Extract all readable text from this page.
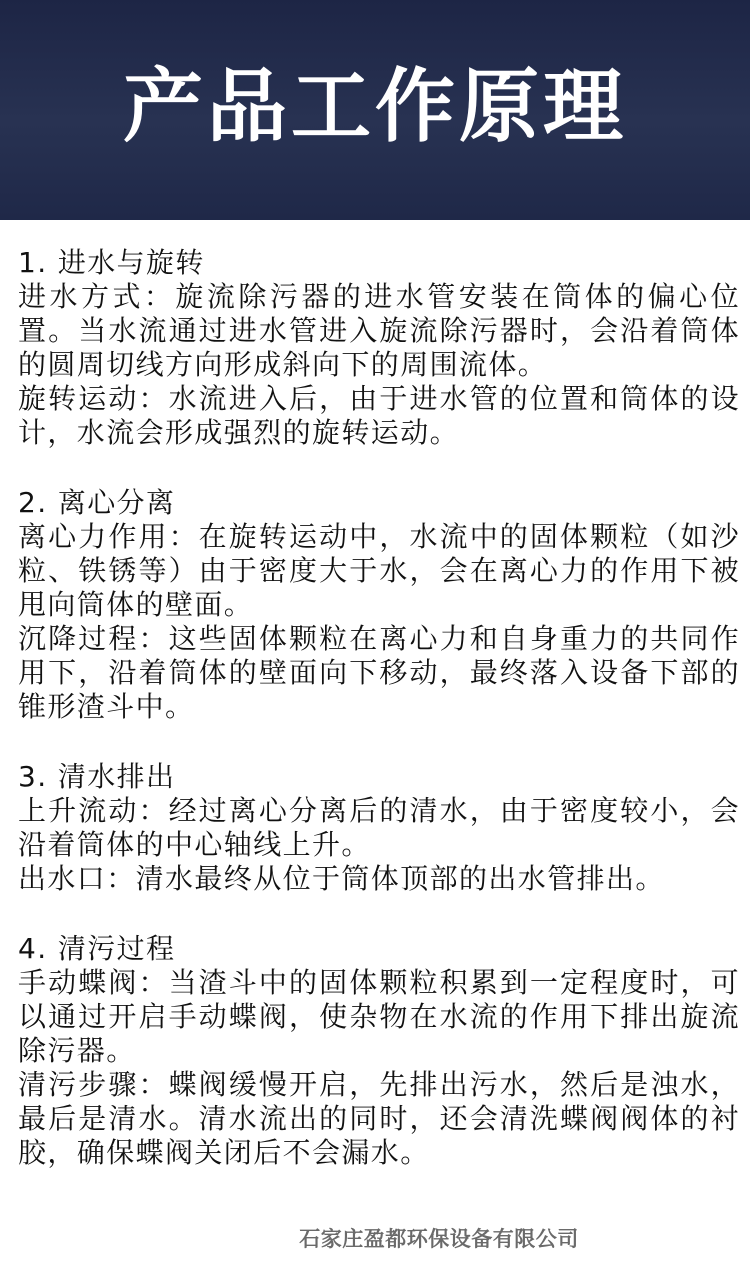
产品工作原理

1. 进水与旋转

进水方式：旋流除污器的进水管安装在筒体的偏心位置。当水流通过进水管进入旋流除污器时，会沿着筒体的圆周切线方向形成斜向下的周围流体。

旋转运动：水流进入后，由于进水管的位置和筒体的设计，水流会形成强烈的旋转运动。

2. 离心分离

离心力作用：在旋转运动中，水流中的固体颗粒（如沙粒、铁锈等）由于密度大于水，会在离心力的作用下被甩向筒体的壁面。

沉降过程：这些固体颗粒在离心力和自身重力的共同作用下，沿着筒体的壁面向下移动，最终落入设备下部的锥形渣斗中。

3. 清水排出

上升流动：经过离心分离后的清水，由于密度较小，会沿着筒体的中心轴线上升。

出水口：清水最终从位于筒体顶部的出水管排出。

4. 清污过程

手动蝶阀：当渣斗中的固体颗粒积累到一定程度时，可以通过开启手动蝶阀，使杂物在水流的作用下排出旋流除污器。

清污步骤：蝶阀缓慢开启，先排出污水，然后是浊水，最后是清水。清水流出的同时，还会清洗蝶阀阀体的衬胶，确保蝶阀关闭后不会漏水。

石家庄盈都环保设备有限公司
